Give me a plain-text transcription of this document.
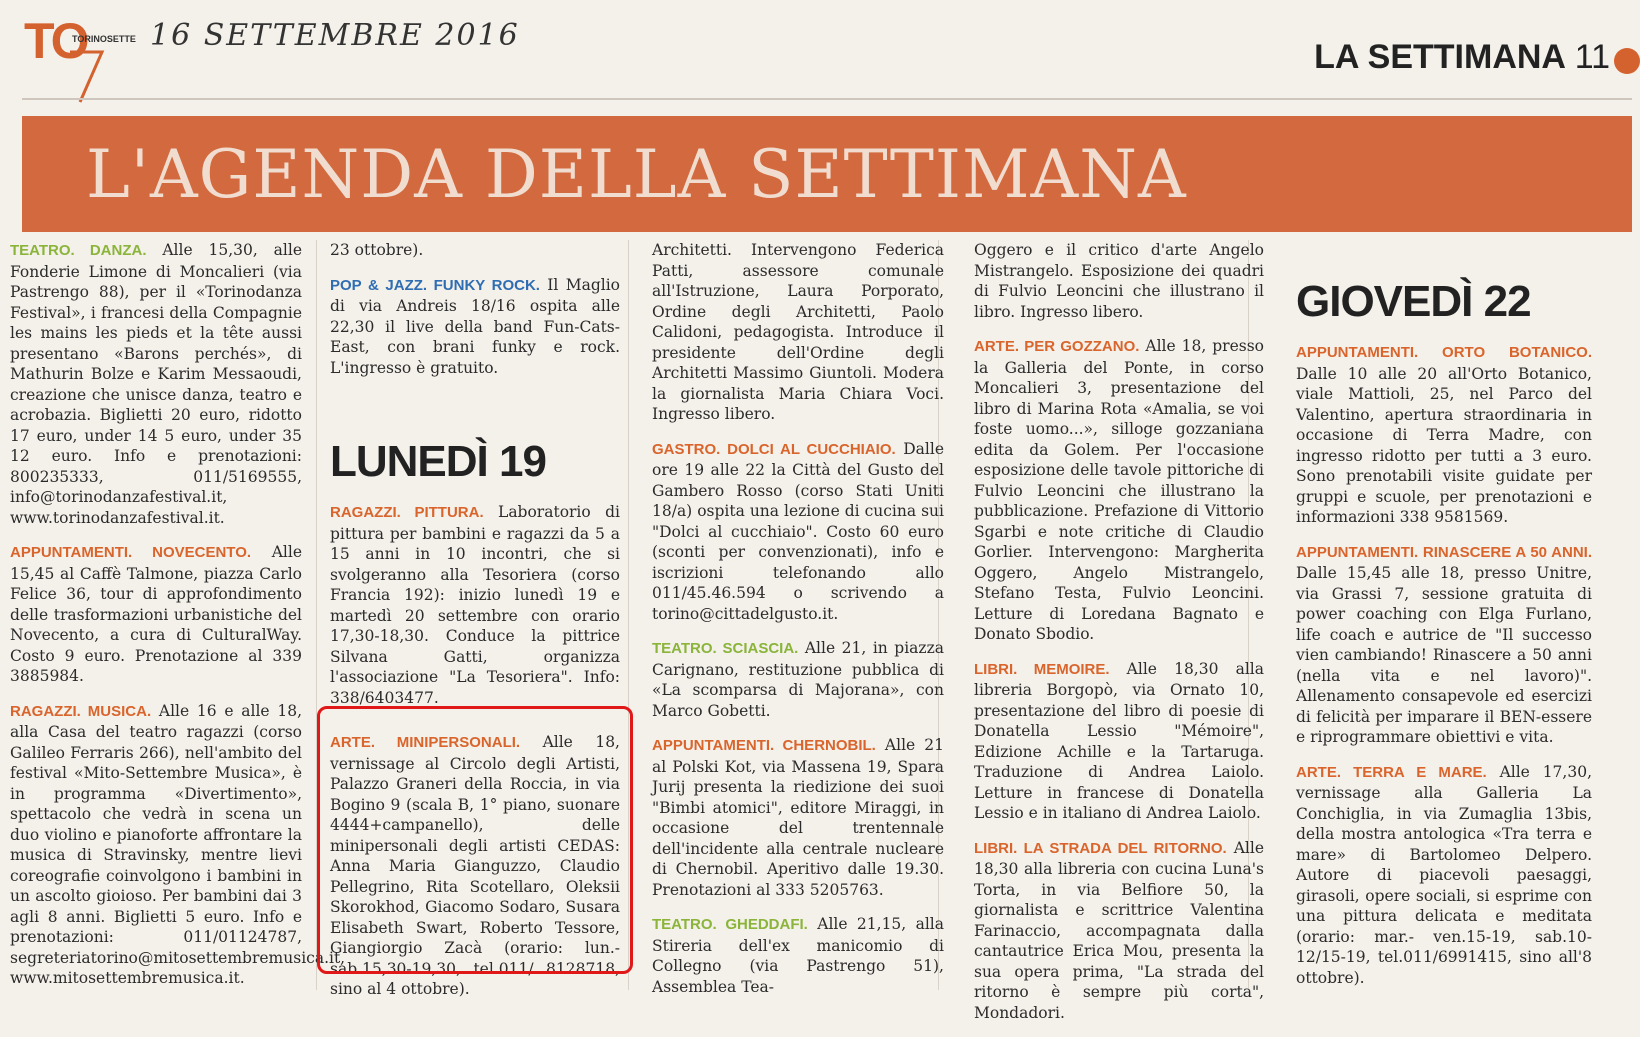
TO
TORINOSETTE 16 SETTEMBRE 2016
LA SETTIMANA 11
L'AGENDA DELLA SETTIMANA

TEATRO. DANZA. Alle 15,30, alle Fonderie Limone di Moncalieri (via Pastrengo 88), per il «Torinodanza Festival», i francesi della Compagnie les mains les pieds et la tête aussi presentano «Barons perchés», di Mathurin Bolze e Karim Messaoudi, creazione che unisce danza, teatro e acrobazia. Biglietti 20 euro, ridotto 17 euro, under 14 5 euro, under 35 12 euro. Info e prenotazioni: 800235333, 011/5169555, info@torinodanzafestival.it, www.torinodanzafestival.it.

APPUNTAMENTI. NOVECENTO. Alle 15,45 al Caffè Talmone, piazza Carlo Felice 36, tour di approfondimento delle trasformazioni urbanistiche del Novecento, a cura di CulturalWay. Costo 9 euro. Prenotazione al 339 3885984.

RAGAZZI. MUSICA. Alle 16 e alle 18, alla Casa del teatro ragazzi (corso Galileo Ferraris 266), nell'ambito del festival «Mito-Settembre Musica», è in programma «Divertimento», spettacolo che vedrà in scena un duo violino e pianoforte affrontare la musica di Stravinsky, mentre lievi coreografie coinvolgono i bambini in un ascolto gioioso. Per bambini dai 3 agli 8 anni. Biglietti 5 euro. Info e prenotazioni: 011/01124787, segreteriatorino@mitosettembremusica.it, www.mitosettembremusica.it.

23 ottobre).

POP & JAZZ. FUNKY ROCK. Il Maglio di via Andreis 18/16 ospita alle 22,30 il live della band Fun-Cats-East, con brani funky e rock. L'ingresso è gratuito.

LUNEDÌ 19

RAGAZZI. PITTURA. Laboratorio di pittura per bambini e ragazzi da 5 a 15 anni in 10 incontri, che si svolgeranno alla Tesoriera (corso Francia 192): inizio lunedì 19 e martedì 20 settembre con orario 17,30-18,30. Conduce la pittrice Silvana Gatti, organizza l'associazione "La Tesoriera". Info: 338/6403477.

ARTE. MINIPERSONALI. Alle 18, vernissage al Circolo degli Artisti, Palazzo Graneri della Roccia, in via Bogino 9 (scala B, 1° piano, suonare 4444+campanello), delle minipersonali degli artisti CEDAS: Anna Maria Gianguzzo, Claudio Pellegrino, Rita Scotellaro, Oleksii Skorokhod, Giacomo Sodaro, Susara Elisabeth Swart, Roberto Tessore, Giangiorgio Zacà (orario: lun.-sab.15,30-19,30, tel.011/ 8128718, sino al 4 ottobre).

Architetti. Intervengono Federica Patti, assessore comunale all'Istruzione, Laura Porporato, Ordine degli Architetti, Paolo Calidoni, pedagogista. Introduce il presidente dell'Ordine degli Architetti Massimo Giuntoli. Modera la giornalista Maria Chiara Voci. Ingresso libero.

GASTRO. DOLCI AL CUCCHIAIO. Dalle ore 19 alle 22 la Città del Gusto del Gambero Rosso (corso Stati Uniti 18/a) ospita una lezione di cucina sui "Dolci al cucchiaio". Costo 60 euro (sconti per convenzionati), info e iscrizioni telefonando allo 011/45.46.594 o scrivendo a torino@cittadelgusto.it.

TEATRO. SCIASCIA. Alle 21, in piazza Carignano, restituzione pubblica di «La scomparsa di Majorana», con Marco Gobetti.

APPUNTAMENTI. CHERNOBIL. Alle 21 al Polski Kot, via Massena 19, Spara Jurij presenta la riedizione dei suoi "Bimbi atomici", editore Miraggi, in occasione del trentennale dell'incidente alla centrale nucleare di Chernobil. Aperitivo dalle 19.30. Prenotazioni al 333 5205763.

TEATRO. GHEDDAFI. Alle 21,15, alla Stireria dell'ex manicomio di Collegno (via Pastrengo 51), Assemblea Tea-

Oggero e il critico d'arte Angelo Mistrangelo. Esposizione dei quadri di Fulvio Leoncini che illustrano il libro. Ingresso libero.

ARTE. PER GOZZANO. Alle 18, presso la Galleria del Ponte, in corso Moncalieri 3, presentazione del libro di Marina Rota «Amalia, se voi foste uomo...», silloge gozzaniana edita da Golem. Per l'occasione esposizione delle tavole pittoriche di Fulvio Leoncini che illustrano la pubblicazione. Prefazione di Vittorio Sgarbi e note critiche di Claudio Gorlier. Intervengono: Margherita Oggero, Angelo Mistrangelo, Stefano Testa, Fulvio Leoncini. Letture di Loredana Bagnato e Donato Sbodio.

LIBRI. MEMOIRE. Alle 18,30 alla libreria Borgopò, via Ornato 10, presentazione del libro di poesie di Donatella Lessio "Mémoire", Edizione Achille e la Tartaruga. Traduzione di Andrea Laiolo. Letture in francese di Donatella Lessio e in italiano di Andrea Laiolo.

LIBRI. LA STRADA DEL RITORNO. Alle 18,30 alla libreria con cucina Luna's Torta, in via Belfiore 50, la giornalista e scrittrice Valentina Farinaccio, accompagnata dalla cantautrice Erica Mou, presenta la sua opera prima, "La strada del ritorno è sempre più corta", Mondadori.

GIOVEDÌ 22

APPUNTAMENTI. ORTO BOTANICO. Dalle 10 alle 20 all'Orto Botanico, viale Mattioli, 25, nel Parco del Valentino, apertura straordinaria in occasione di Terra Madre, con ingresso ridotto per tutti a 3 euro. Sono prenotabili visite guidate per gruppi e scuole, per prenotazioni e informazioni 338 9581569.

APPUNTAMENTI. RINASCERE A 50 ANNI. Dalle 15,45 alle 18, presso Unitre, via Grassi 7, sessione gratuita di power coaching con Elga Furlano, life coach e autrice de "Il successo vien cambiando! Rinascere a 50 anni (nella vita e nel lavoro)". Allenamento consapevole ed esercizi di felicità per imparare il BEN-essere e riprogrammare obiettivi e vita.

ARTE. TERRA E MARE. Alle 17,30, vernissage alla Galleria La Conchiglia, in via Zumaglia 13bis, della mostra antologica «Tra terra e mare» di Bartolomeo Delpero. Autore di piacevoli paesaggi, girasoli, opere sociali, si esprime con una pittura delicata e meditata (orario: mar.- ven.15-19, sab.10-12/15-19, tel.011/6991415, sino all'8 ottobre).
